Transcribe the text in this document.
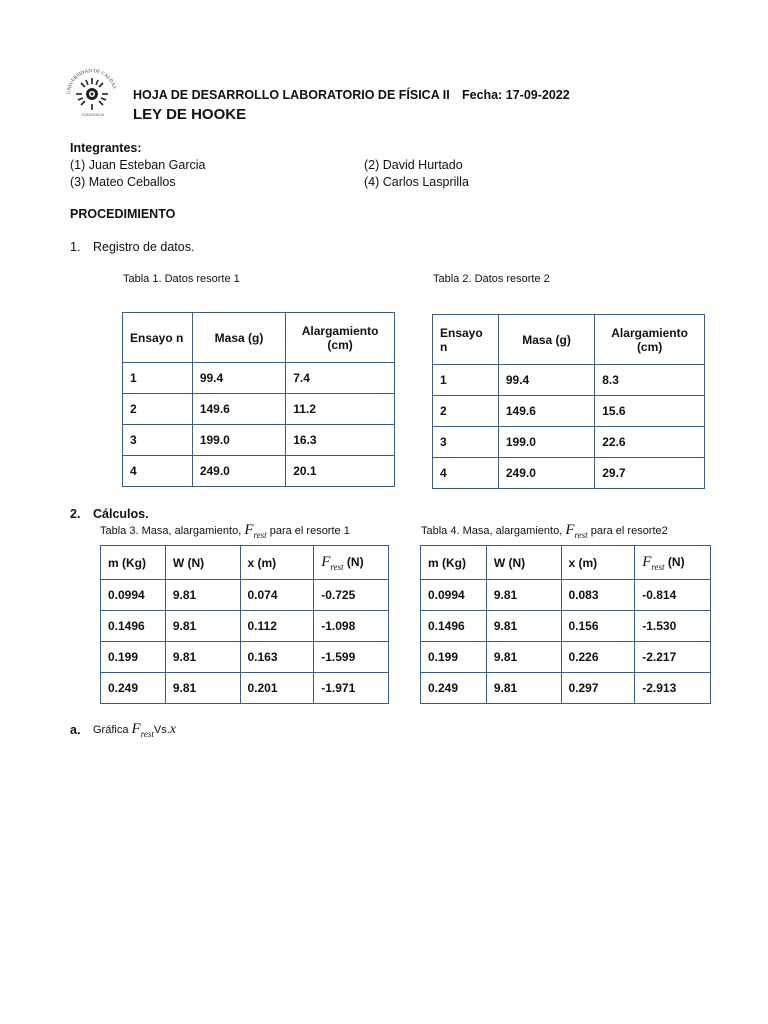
UNIVERSIDAD DE CALDAS
CONCIENCIA
HOJA DE DESARROLLO LABORATORIO DE FÍSICA II Fecha: 17-09-2022
LEY DE HOOKE
Integrantes:
(1) Juan Esteban Garcia	(2) David Hurtado
(3) Mateo Ceballos	(4) Carlos Lasprilla
PROCEDIMIENTO
1. Registro de datos.
Tabla 1. Datos resorte 1	Tabla 2. Datos resorte 2
Ensayo n	Masa (g)	Alargamiento (cm)
1	99.4	7.4
2	149.6	11.2
3	199.0	16.3
4	249.0	20.1
Ensayo n	Masa (g)	Alargamiento (cm)
1	99.4	8.3
2	149.6	15.6
3	199.0	22.6
4	249.0	29.7
2. Cálculos.
Tabla 3. Masa, alargamiento, $F_{rest}$ para el resorte 1	Tabla 4. Masa, alargamiento, $F_{rest}$ para el resorte2
m (Kg)	W (N)	x (m)	$F_{rest}$ (N)
0.0994	9.81	0.074	-0.725
0.1496	9.81	0.112	-1.098
0.199	9.81	0.163	-1.599
0.249	9.81	0.201	-1.971
m (Kg)	W (N)	x (m)	$F_{rest}$ (N)
0.0994	9.81	0.083	-0.814
0.1496	9.81	0.156	-1.530
0.199	9.81	0.226	-2.217
0.249	9.81	0.297	-2.913
a. Gráfica $F_{rest}Vs.x$
